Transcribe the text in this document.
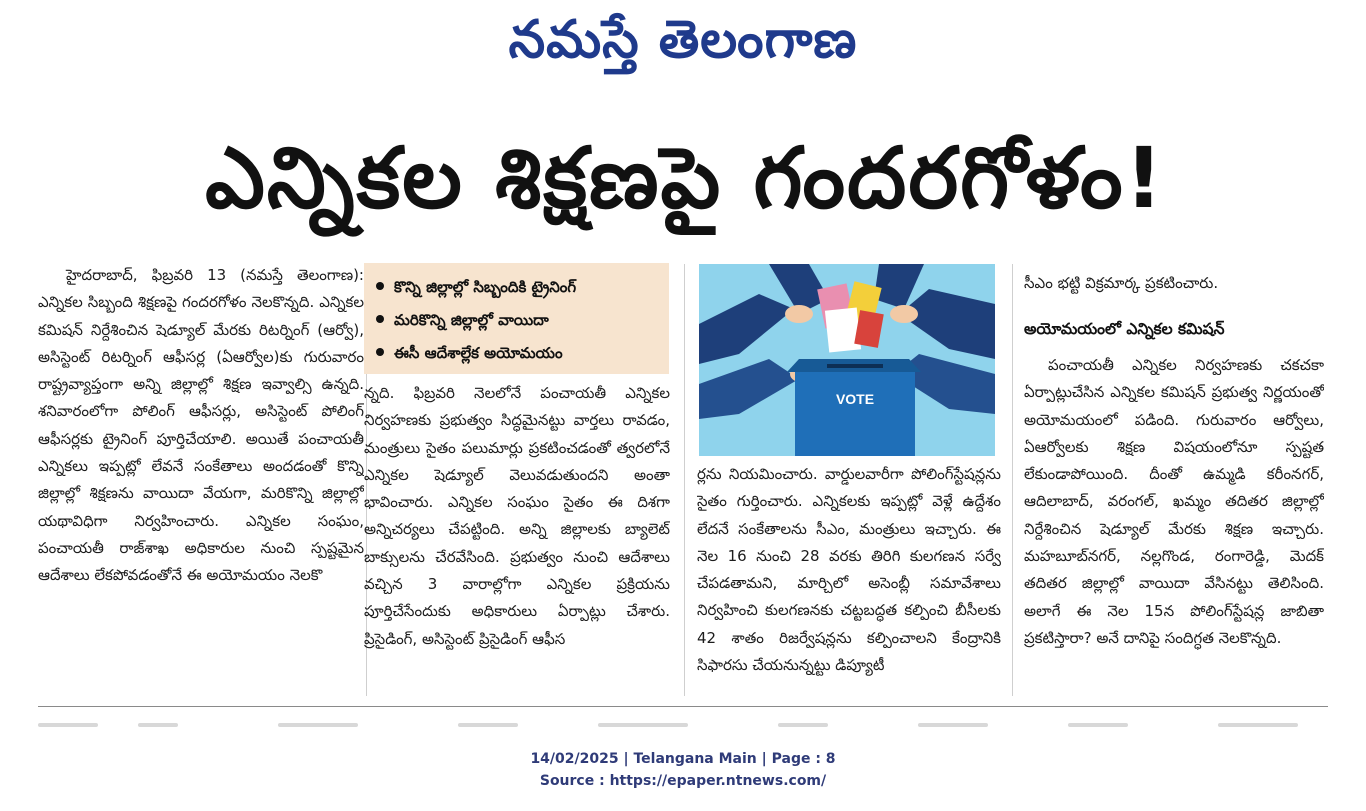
నమస్తే తెలంగాణ
ఎన్నికల శిక్షణపై గందరగోళం!

హైదరాబాద్, ఫిబ్రవరి 13 (నమస్తే తెలంగాణ): ఎన్నికల సిబ్బంది శిక్షణపై గందరగోళం నెలకొన్నది. ఎన్నికల కమిషన్ నిర్దేశించిన షెడ్యూల్ మేరకు రిటర్నింగ్ (ఆర్వో), అసిస్టెంట్ రిటర్నింగ్ ఆఫీసర్ల (ఏఆర్వోల)కు గురువారం రాష్ట్రవ్యాప్తంగా అన్ని జిల్లాల్లో శిక్షణ ఇవ్వాల్సి ఉన్నది. శనివారంలోగా పోలింగ్ ఆఫీసర్లు, అసిస్టెంట్ పోలింగ్ ఆఫీసర్లకు ట్రైనింగ్ పూర్తిచేయాలి. అయితే పంచాయతీ ఎన్నికలు ఇప్పట్లో లేవనే సంకేతాలు అందడంతో కొన్ని జిల్లాల్లో శిక్షణను వాయిదా వేయగా, మరికొన్ని జిల్లాల్లో యథావిధిగా నిర్వహించారు. ఎన్నికల సంఘం, పంచాయతీ రాజ్‌శాఖ అధికారుల నుంచి స్పష్టమైన ఆదేశాలు లేకపోవడంతోనే ఈ అయోమయం నెలకొ

కొన్ని జిల్లాల్లో సిబ్బందికి ట్రైనింగ్
మరికొన్ని జిల్లాల్లో వాయిదా
ఈసీ ఆదేశాల్లేక అయోమయం

న్నది. ఫిబ్రవరి నెలలోనే పంచాయతీ ఎన్నికల నిర్వహణకు ప్రభుత్వం సిద్ధమైనట్టు వార్తలు రావడం, మంత్రులు సైతం పలుమార్లు ప్రకటించడంతో త్వరలోనే ఎన్నికల షెడ్యూల్ వెలువడుతుందని అంతా భావించారు. ఎన్నికల సంఘం సైతం ఈ దిశగా అన్నిచర్యలు చేపట్టింది. అన్ని జిల్లాలకు బ్యాలెట్ బాక్సులను చేరవేసింది. ప్రభుత్వం నుంచి ఆదేశాలు వచ్చిన 3 వారాల్లోగా ఎన్నికల ప్రక్రియను పూర్తిచేసేందుకు అధికారులు ఏర్పాట్లు చేశారు. ప్రిసైడింగ్, అసిస్టెంట్ ప్రిసైడింగ్ ఆఫీస

VOTE

ర్లను నియమించారు. వార్డులవారీగా పోలింగ్‌స్టేషన్లను సైతం గుర్తించారు. ఎన్నికలకు ఇప్పట్లో వెళ్లే ఉద్దేశం లేదనే సంకేతాలను సీఎం, మంత్రులు ఇచ్చారు. ఈ నెల 16 నుంచి 28 వరకు తిరిగి కులగణన సర్వే చేపడతామని, మార్చిలో అసెంబ్లీ సమావేశాలు నిర్వహించి కులగణనకు చట్టబద్ధత కల్పించి బీసీలకు 42 శాతం రిజర్వేషన్లను కల్పించాలని కేంద్రానికి సిఫారసు చేయనున్నట్టు డిప్యూటీ

సీఎం భట్టి విక్రమార్క ప్రకటించారు.

అయోమయంలో ఎన్నికల కమిషన్

పంచాయతీ ఎన్నికల నిర్వహణకు చకచకా ఏర్పాట్లుచేసిన ఎన్నికల కమిషన్ ప్రభుత్వ నిర్ణయంతో అయోమయంలో పడింది. గురువారం ఆర్వోలు, ఏఆర్వోలకు శిక్షణ విషయంలోనూ స్పష్టత లేకుండాపోయింది. దీంతో ఉమ్మడి కరీంనగర్, ఆదిలాబాద్, వరంగల్, ఖమ్మం తదితర జిల్లాల్లో నిర్దేశించిన షెడ్యూల్ మేరకు శిక్షణ ఇచ్చారు. మహబూబ్‌నగర్, నల్లగొండ, రంగారెడ్డి, మెదక్ తదితర జిల్లాల్లో వాయిదా వేసినట్టు తెలిసింది. అలాగే ఈ నెల 15న పోలింగ్‌స్టేషన్ల జాబితా ప్రకటిస్తారా? అనే దానిపై సందిగ్ధత నెలకొన్నది.

14/02/2025 | Telangana Main | Page : 8
Source : https://epaper.ntnews.com/
